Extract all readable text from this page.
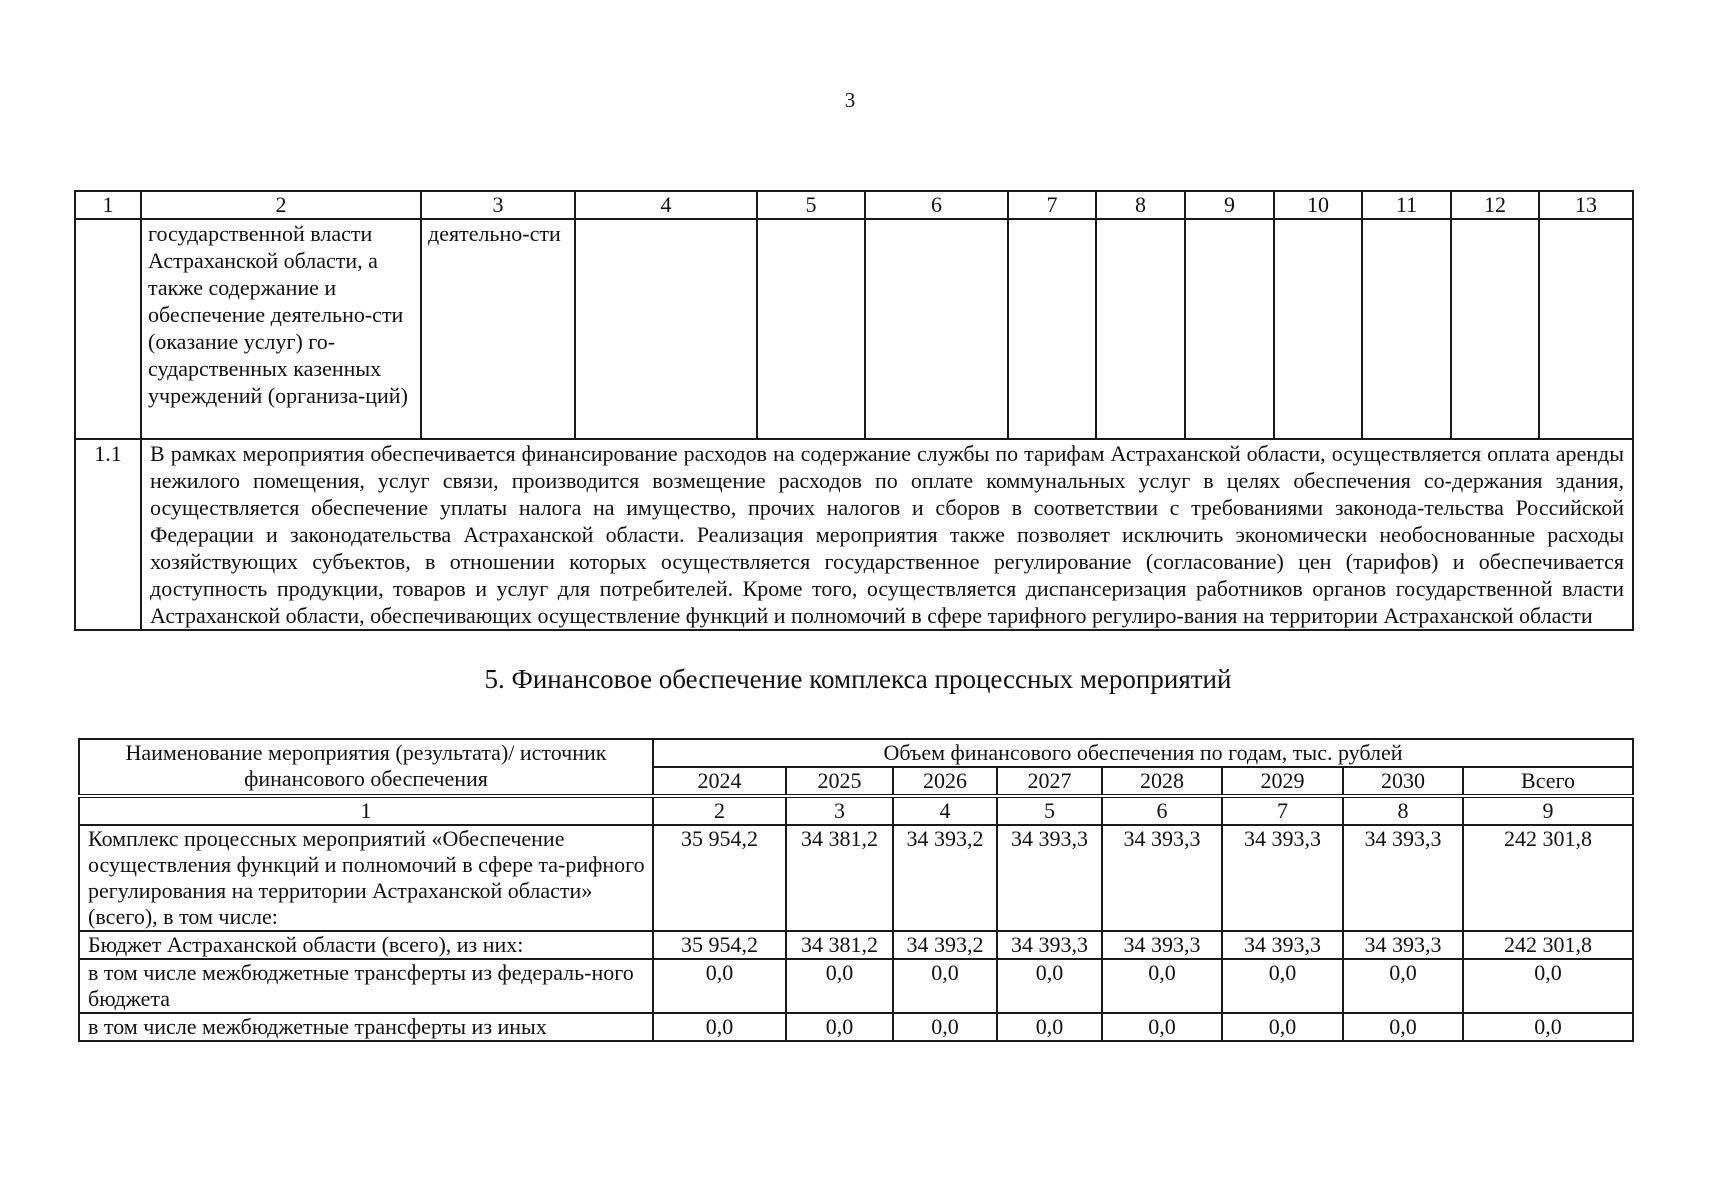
3
1	2	3	4	5	6	7	8	9	10	11	12	13
	государственной власти Астраханской области, а также содержание и обеспечение деятельно-сти (оказание услуг) го-сударственных казенных учреждений (организа-ций)	деятельно-сти										
1.1	В рамках мероприятия обеспечивается финансирование расходов на содержание службы по тарифам Астраханской области, осуществляется оплата аренды нежилого помещения, услуг связи, производится возмещение расходов по оплате коммунальных услуг в целях обеспечения со-держания здания, осуществляется обеспечение уплаты налога на имущество, прочих налогов и сборов в соответствии с требованиями законода-тельства Российской Федерации и законодательства Астраханской области. Реализация мероприятия также позволяет исключить экономически необоснованные расходы хозяйствующих субъектов, в отношении которых осуществляется государственное регулирование (согласование) цен (тарифов) и обеспечивается доступность продукции, товаров и услуг для потребителей. Кроме того, осуществляется диспансеризация работников органов государственной власти Астраханской области, обеспечивающих осуществление функций и полномочий в сфере тарифного регулиро-вания на территории Астраханской области											
5. Финансовое обеспечение комплекса процессных мероприятий
Наименование мероприятия (результата)/ источник финансового обеспечения	Объем финансового обеспечения по годам, тыс. рублей							
	2024	2025	2026	2027	2028	2029	2030	Всего
1	2	3	4	5	6	7	8	9
Комплекс процессных мероприятий «Обеспечение осуществления функций и полномочий в сфере та-рифного регулирования на территории Астраханской области» (всего), в том числе:	35 954,2	34 381,2	34 393,2	34 393,3	34 393,3	34 393,3	34 393,3	242 301,8
Бюджет Астраханской области (всего), из них:	35 954,2	34 381,2	34 393,2	34 393,3	34 393,3	34 393,3	34 393,3	242 301,8
в том числе межбюджетные трансферты из федераль-ного бюджета	0,0	0,0	0,0	0,0	0,0	0,0	0,0	0,0
в том числе межбюджетные трансферты из иных	0,0	0,0	0,0	0,0	0,0	0,0	0,0	0,0
